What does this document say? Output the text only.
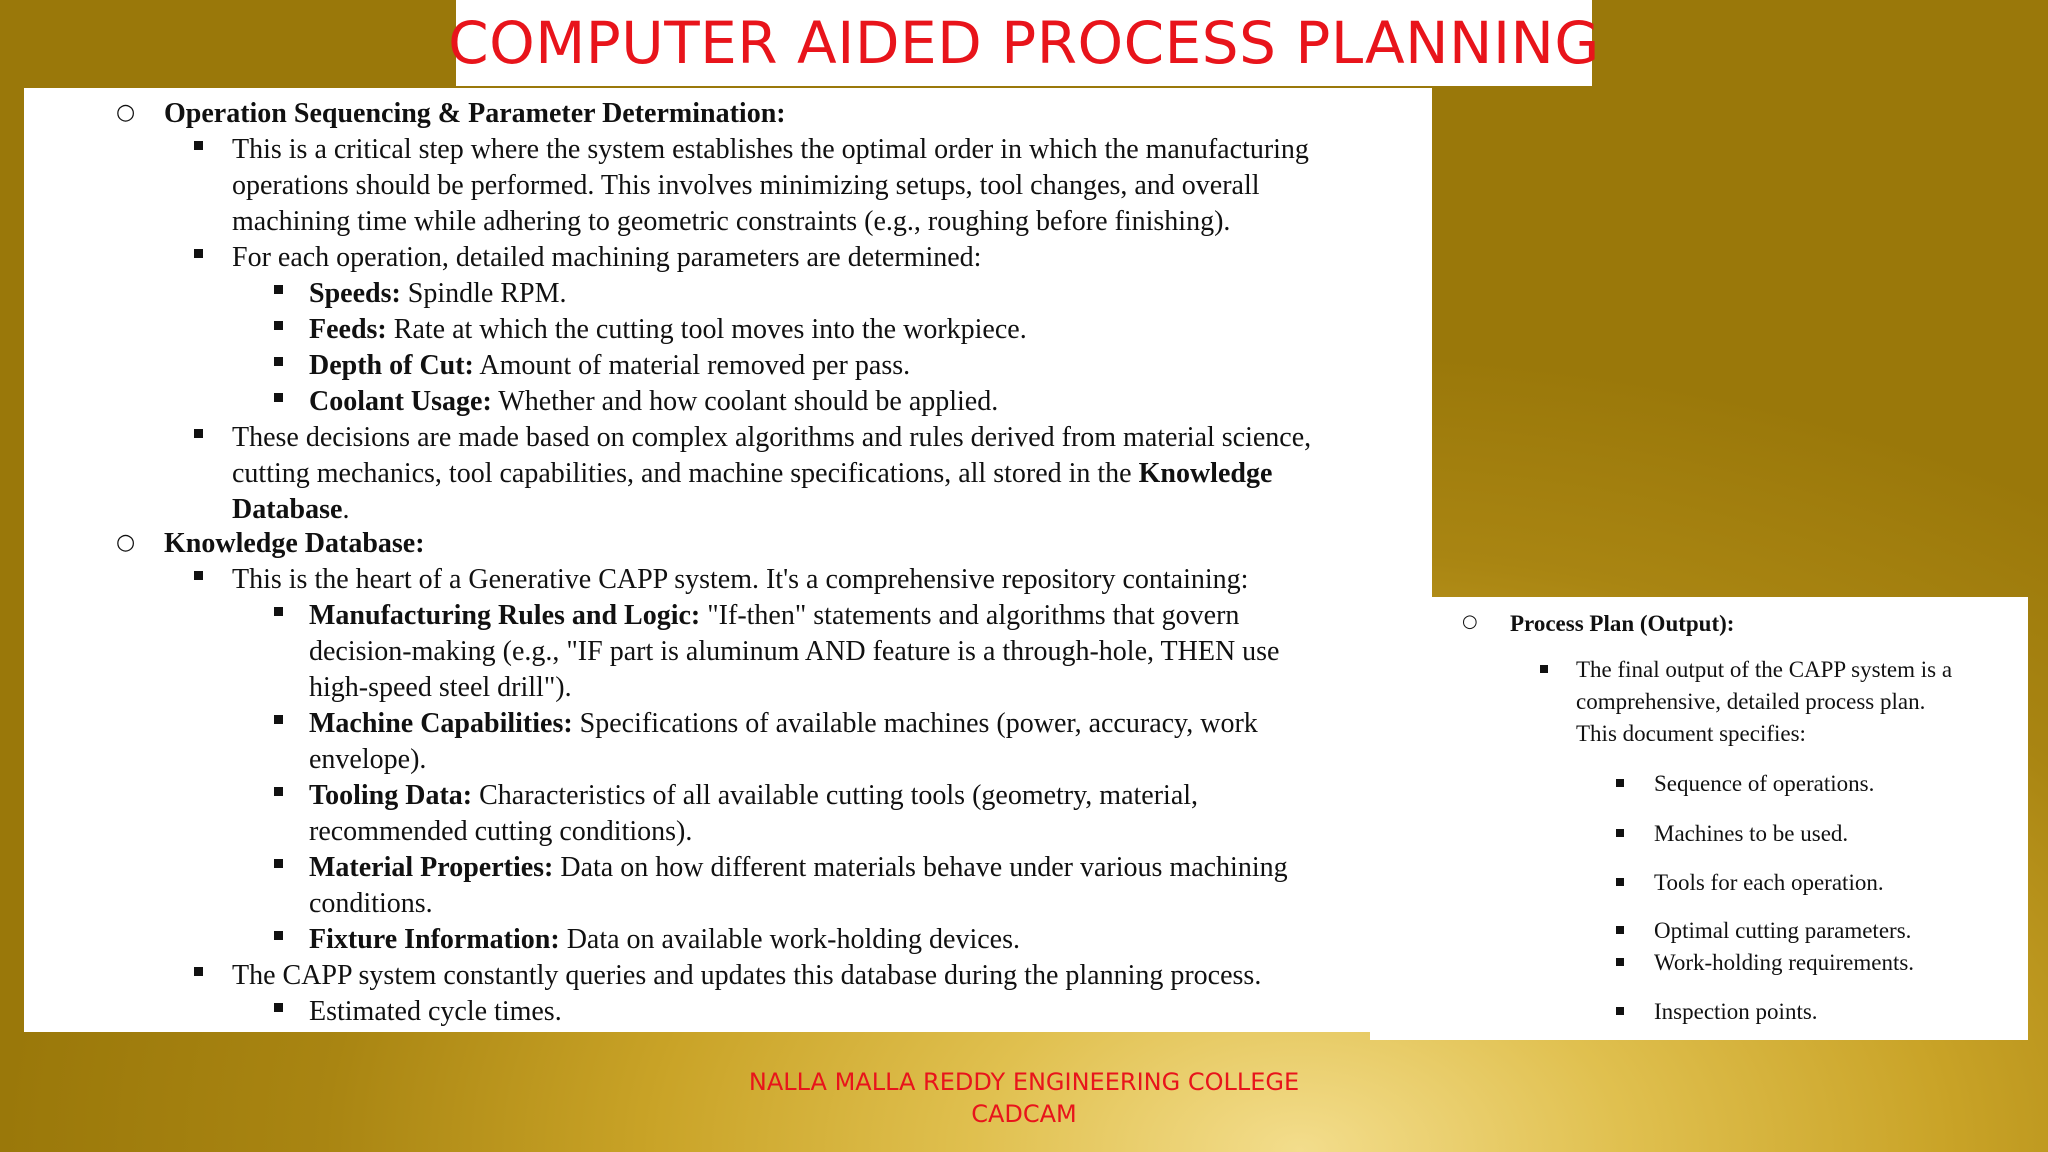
COMPUTER AIDED PROCESS PLANNING
○ Operation Sequencing & Parameter Determination:
This is a critical step where the system establishes the optimal order in which the manufacturing
operations should be performed. This involves minimizing setups, tool changes, and overall
machining time while adhering to geometric constraints (e.g., roughing before finishing).
For each operation, detailed machining parameters are determined:
Speeds: Spindle RPM.
Feeds: Rate at which the cutting tool moves into the workpiece.
Depth of Cut: Amount of material removed per pass.
Coolant Usage: Whether and how coolant should be applied.
These decisions are made based on complex algorithms and rules derived from material science,
cutting mechanics, tool capabilities, and machine specifications, all stored in the Knowledge
Database.
○ Knowledge Database:
This is the heart of a Generative CAPP system. It's a comprehensive repository containing:
Manufacturing Rules and Logic: "If-then" statements and algorithms that govern
decision-making (e.g., "IF part is aluminum AND feature is a through-hole, THEN use
high-speed steel drill").
Machine Capabilities: Specifications of available machines (power, accuracy, work
envelope).
Tooling Data: Characteristics of all available cutting tools (geometry, material,
recommended cutting conditions).
Material Properties: Data on how different materials behave under various machining
conditions.
Fixture Information: Data on available work-holding devices.
The CAPP system constantly queries and updates this database during the planning process.
Estimated cycle times.
○ Process Plan (Output):
The final output of the CAPP system is a
comprehensive, detailed process plan.
This document specifies:
Sequence of operations.
Machines to be used.
Tools for each operation.
Optimal cutting parameters.
Work-holding requirements.
Inspection points.
NALLA MALLA REDDY ENGINEERING COLLEGE
CADCAM
